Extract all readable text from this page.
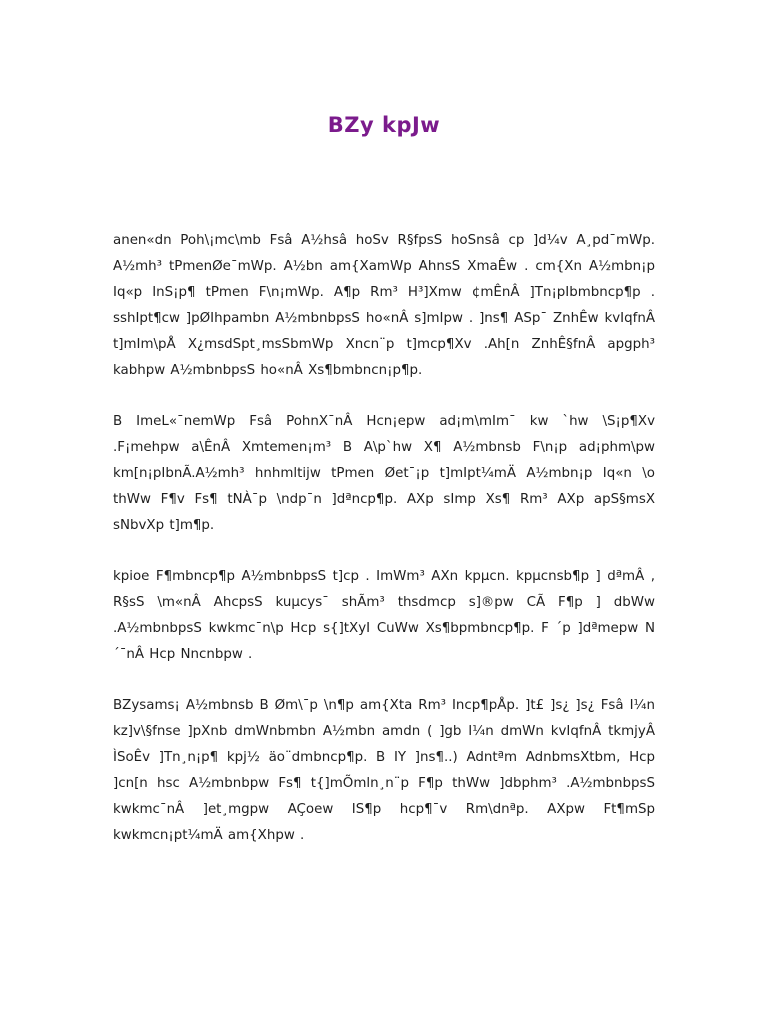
BZy kpJw

anen«dn Poh\¡mc\mb Fsâ A½hsâ hoSv R§fpsS hoSnsâ cp ]d¼v A¸pd¯mWp. A½mh³ tPmenØe¯mWp. A½bn am{XamWp AhnsS XmaÊw . cm{Xn A½mbn¡p Iq«p InS¡p¶ tPmen F\n¡mWp. A¶p Rm³ H³]Xmw ¢mÊnÂ ]Tn¡pIbmbncp¶p . sshIpt¶cw ]pØIhpambn A½mbnbpsS ho«nÂ s]mIpw . ]ns¶ ASp¯ ZnhÊw kvIqfnÂ t]mIm\pÅ X¿msdSpt¸msSbmWp Xncn¨p t]mcp¶Xv .Ah[n ZnhÊ§fnÂ apgph³ kabhpw A½mbnbpsS ho«nÂ Xs¶bmbncn¡p¶p.

B ImeL«¯nemWp Fsâ PohnX¯nÂ Hcn¡epw ad¡m\mIm¯ kw `hw \S¡p¶Xv .F¡mehpw a\ÊnÂ Xmtemen¡m³ B A\p`hw X¶ A½mbnsb F\n¡p ad¡phm\pw km[n¡pIbnÃ.A½mh³ hnhmltijw tPmen Øet¯¡p t]mIpt¼mÄ A½mbn¡p Iq«n \o thWw F¶v Fs¶ tNÀ¯p \ndp¯n ]dªncp¶p. AXp sImp Xs¶ Rm³ AXp apS§msX sNbvXp t]m¶p.

kpioe F¶mbncp¶p A½mbnbpsS t]cp . ImWm³ AXn kpµcn. kpµcnsb¶p ] dªmÂ , R§sS \m«nÂ AhcpsS kuµcys¯ shÃm³ thsdmcp s]®pw CÃ F¶p ] dbWw .A½mbnbpsS kwkmc¯n\p Hcp s{]tXyI CuWw Xs¶bpmbncp¶p. F ´p ]dªmepw N´¯nÂ Hcp Nncnbpw .

BZysams¡ A½mbnsb B Øm\¯p \n¶p am{Xta Rm³ Incp¶pÅp. ]t£ ]s¿ ]s¿ Fsâ I¼n kz]v\§fnse ]pXnb dmWnbmbn A½mbn amdn ( ]gb I¼n dmWn kvIqfnÂ tkmjyÂ ÌSoÊv ]Tn¸n¡p¶ kpj½ äo¨dmbncp¶p. B IY ]ns¶..) Adntªm AdnbmsXtbm, Hcp ]cn[n hsc A½mbnbpw Fs¶ t{]mÕmln¸n¨p F¶p thWw ]dbphm³ .A½mbnbpsS kwkmc¯nÂ ]et¸mgpw AÇoew IS¶p hcp¶¯v Rm\dnªp. AXpw Ft¶mSp kwkmcn¡pt¼mÄ am{Xhpw .
